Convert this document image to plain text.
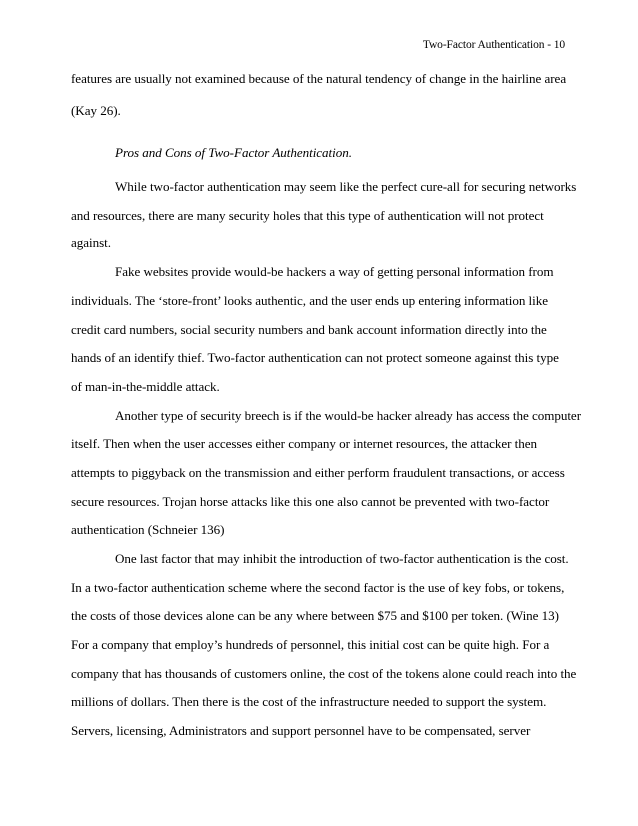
Two-Factor Authentication - 10
features are usually not examined because of the natural tendency of change in the hairline area
(Kay 26).
Pros and Cons of Two-Factor Authentication.
While two-factor authentication may seem like the perfect cure-all for securing networks
and resources, there are many security holes that this type of authentication will not protect
against.
Fake websites provide would-be hackers a way of getting personal information from
individuals. The ‘store-front’ looks authentic, and the user ends up entering information like
credit card numbers, social security numbers and bank account information directly into the
hands of an identify thief. Two-factor authentication can not protect someone against this type
of man-in-the-middle attack.
Another type of security breech is if the would-be hacker already has access the computer
itself. Then when the user accesses either company or internet resources, the attacker then
attempts to piggyback on the transmission and either perform fraudulent transactions, or access
secure resources. Trojan horse attacks like this one also cannot be prevented with two-factor
authentication (Schneier 136)
One last factor that may inhibit the introduction of two-factor authentication is the cost.
In a two-factor authentication scheme where the second factor is the use of key fobs, or tokens,
the costs of those devices alone can be any where between $75 and $100 per token. (Wine 13)
For a company that employ’s hundreds of personnel, this initial cost can be quite high. For a
company that has thousands of customers online, the cost of the tokens alone could reach into the
millions of dollars. Then there is the cost of the infrastructure needed to support the system.
Servers, licensing, Administrators and support personnel have to be compensated, server
